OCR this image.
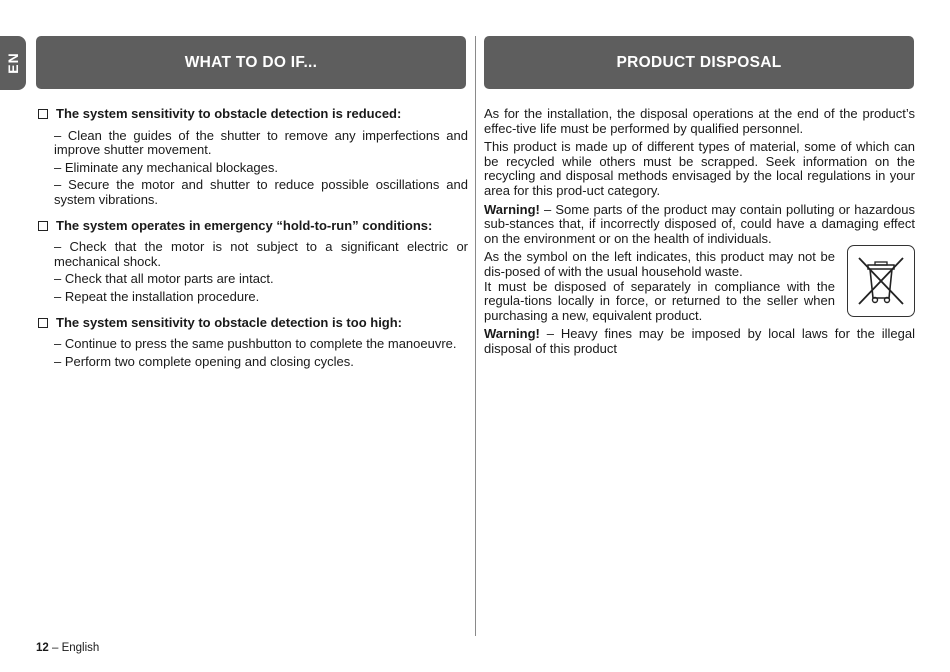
EN	WHAT TO DO IF...	PRODUCT DISPOSAL

The system sensitivity to obstacle detection is reduced:

– Clean the guides of the shutter to remove any imperfections and improve shutter movement.

– Eliminate any mechanical blockages.

– Secure the motor and shutter to reduce possible oscillations and system vibrations.

The system operates in emergency “hold-to-run” conditions:

– Check that the motor is not subject to a significant electric or mechanical shock.

– Check that all motor parts are intact.

– Repeat the installation procedure.

The system sensitivity to obstacle detection is too high:

– Continue to press the same pushbutton to complete the manoeuvre.

– Perform two complete opening and closing cycles.

As for the installation, the disposal operations at the end of the product’s effec-tive life must be performed by qualified personnel.

This product is made up of different types of material, some of which can be recycled while others must be scrapped. Seek information on the recycling and disposal methods envisaged by the local regulations in your area for this prod-uct category.

Warning! – Some parts of the product may contain polluting or hazardous sub-stances that, if incorrectly disposed of, could have a damaging effect on the environment or on the health of individuals.

As the symbol on the left indicates, this product may not be dis-posed of with the usual household waste.

It must be disposed of separately in compliance with the regula-tions locally in force, or returned to the seller when purchasing a new, equivalent product.

Warning! – Heavy fines may be imposed by local laws for the illegal disposal of this product

12 – English
